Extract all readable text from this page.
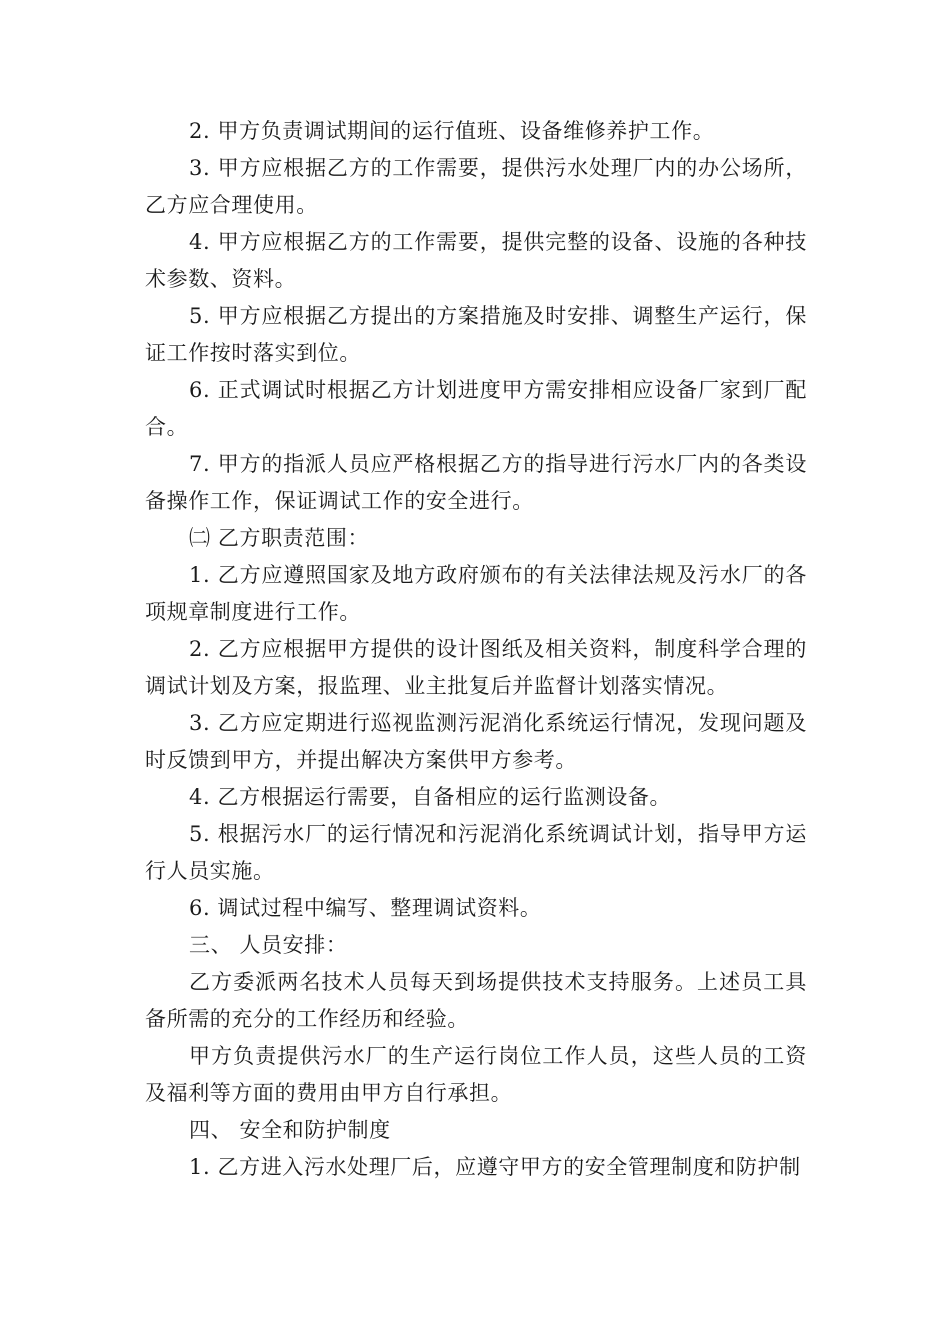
2. 甲方负责调试期间的运行值班、设备维修养护工作。

3. 甲方应根据乙方的工作需要，提供污水处理厂内的办公场所，乙方应合理使用。

4. 甲方应根据乙方的工作需要，提供完整的设备、设施的各种技术参数、资料。

5. 甲方应根据乙方提出的方案措施及时安排、调整生产运行，保证工作按时落实到位。

6. 正式调试时根据乙方计划进度甲方需安排相应设备厂家到厂配合。

7. 甲方的指派人员应严格根据乙方的指导进行污水厂内的各类设备操作工作，保证调试工作的安全进行。

㈡ 乙方职责范围：

1. 乙方应遵照国家及地方政府颁布的有关法律法规及污水厂的各项规章制度进行工作。

2. 乙方应根据甲方提供的设计图纸及相关资料，制度科学合理的调试计划及方案，报监理、业主批复后并监督计划落实情况。

3. 乙方应定期进行巡视监测污泥消化系统运行情况，发现问题及时反馈到甲方，并提出解决方案供甲方参考。

4. 乙方根据运行需要，自备相应的运行监测设备。

5. 根据污水厂的运行情况和污泥消化系统调试计划，指导甲方运行人员实施。

6. 调试过程中编写、整理调试资料。

三、 人员安排：

乙方委派两名技术人员每天到场提供技术支持服务。上述员工具备所需的充分的工作经历和经验。

甲方负责提供污水厂的生产运行岗位工作人员，这些人员的工资及福利等方面的费用由甲方自行承担。

四、 安全和防护制度

1. 乙方进入污水处理厂后，应遵守甲方的安全管理制度和防护制
